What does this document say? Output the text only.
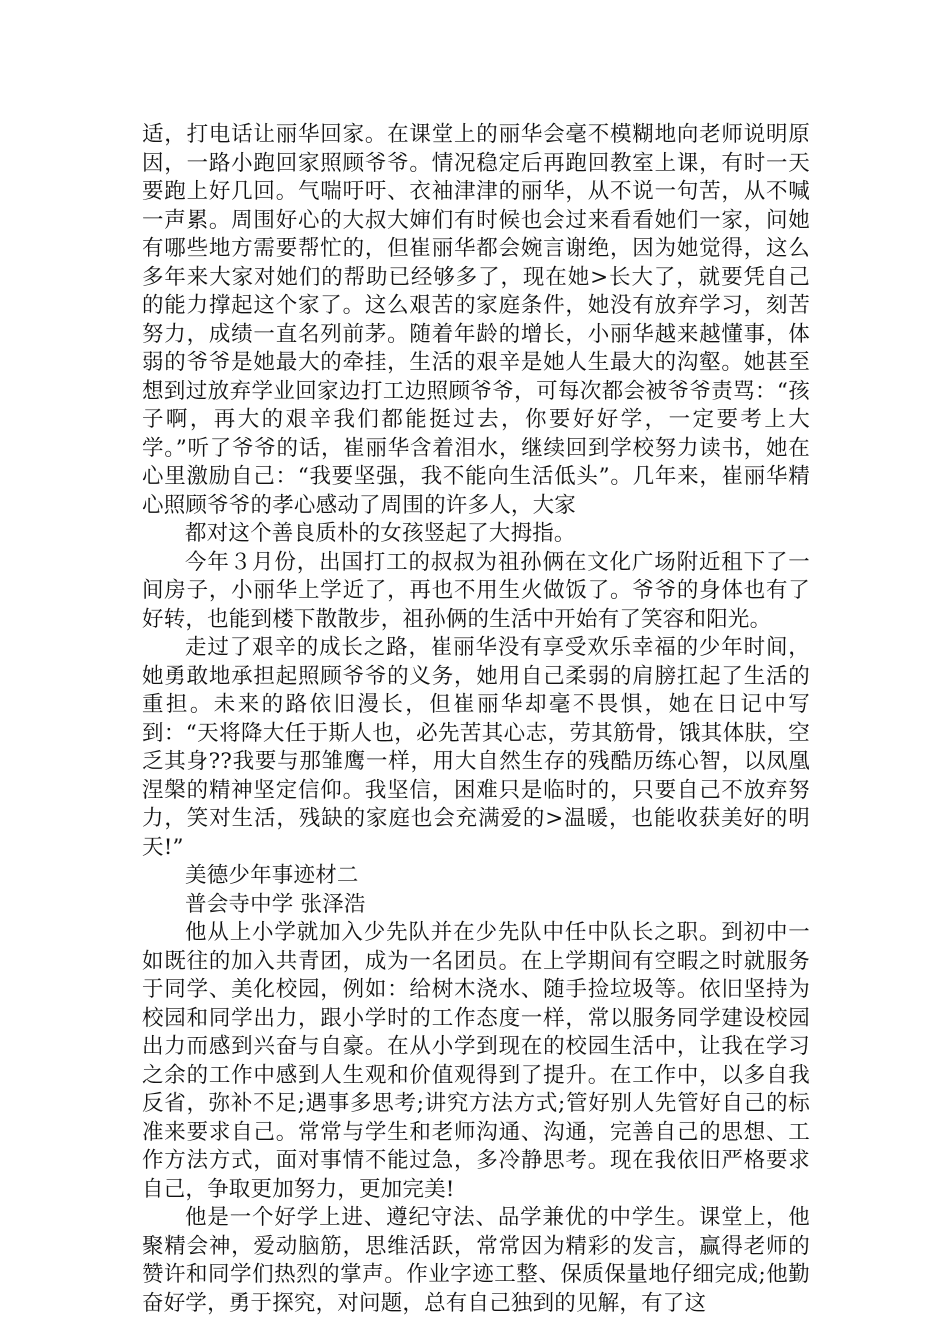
适，打电话让丽华回家。在课堂上的丽华会毫不模糊地向老师说明原因，一路小跑回家照顾爷爷。情况稳定后再跑回教室上课，有时一天要跑上好几回。气喘吁吁、衣袖津津的丽华，从不说一句苦，从不喊一声累。周围好心的大叔大婶们有时候也会过来看看她们一家，问她有哪些地方需要帮忙的，但崔丽华都会婉言谢绝，因为她觉得，这么多年来大家对她们的帮助已经够多了，现在她>长大了，就要凭自己的能力撑起这个家了。这么艰苦的家庭条件，她没有放弃学习，刻苦努力，成绩一直名列前茅。随着年龄的增长，小丽华越来越懂事，体弱的爷爷是她最大的牵挂，生活的艰辛是她人生最大的沟壑。她甚至想到过放弃学业回家边打工边照顾爷爷，可每次都会被爷爷责骂：“孩子啊，再大的艰辛我们都能挺过去，你要好好学，一定要考上大学。”听了爷爷的话，崔丽华含着泪水，继续回到学校努力读书，她在心里激励自己：“我要坚强，我不能向生活低头”。几年来，崔丽华精心照顾爷爷的孝心感动了周围的许多人，大家

都对这个善良质朴的女孩竖起了大拇指。

今年３月份，出国打工的叔叔为祖孙俩在文化广场附近租下了一间房子，小丽华上学近了，再也不用生火做饭了。爷爷的身体也有了好转，也能到楼下散散步，祖孙俩的生活中开始有了笑容和阳光。

走过了艰辛的成长之路，崔丽华没有享受欢乐幸福的少年时间，她勇敢地承担起照顾爷爷的义务，她用自己柔弱的肩膀扛起了生活的重担。未来的路依旧漫长，但崔丽华却毫不畏惧，她在日记中写到：“天将降大任于斯人也，必先苦其心志，劳其筋骨，饿其体肤，空乏其身??我要与那雏鹰一样，用大自然生存的残酷历练心智，以凤凰涅槃的精神坚定信仰。我坚信，困难只是临时的，只要自己不放弃努力，笑对生活，残缺的家庭也会充满爱的>温暖，也能收获美好的明天!”

美德少年事迹材二

普会寺中学 张泽浩

他从上小学就加入少先队并在少先队中任中队长之职。到初中一如既往的加入共青团，成为一名团员。在上学期间有空暇之时就服务于同学、美化校园，例如：给树木浇水、随手捡垃圾等。依旧坚持为校园和同学出力，跟小学时的工作态度一样，常以服务同学建设校园出力而感到兴奋与自豪。在从小学到现在的校园生活中，让我在学习之余的工作中感到人生观和价值观得到了提升。在工作中，以多自我反省，弥补不足;遇事多思考;讲究方法方式;管好别人先管好自己的标准来要求自己。常常与学生和老师沟通、沟通，完善自己的思想、工作方法方式，面对事情不能过急，多冷静思考。现在我依旧严格要求自己，争取更加努力，更加完美!

他是一个好学上进、遵纪守法、品学兼优的中学生。课堂上，他聚精会神，爱动脑筋，思维活跃，常常因为精彩的发言，赢得老师的赞许和同学们热烈的掌声。作业字迹工整、保质保量地仔细完成;他勤奋好学，勇于探究，对问题，总有自己独到的见解，有了这
